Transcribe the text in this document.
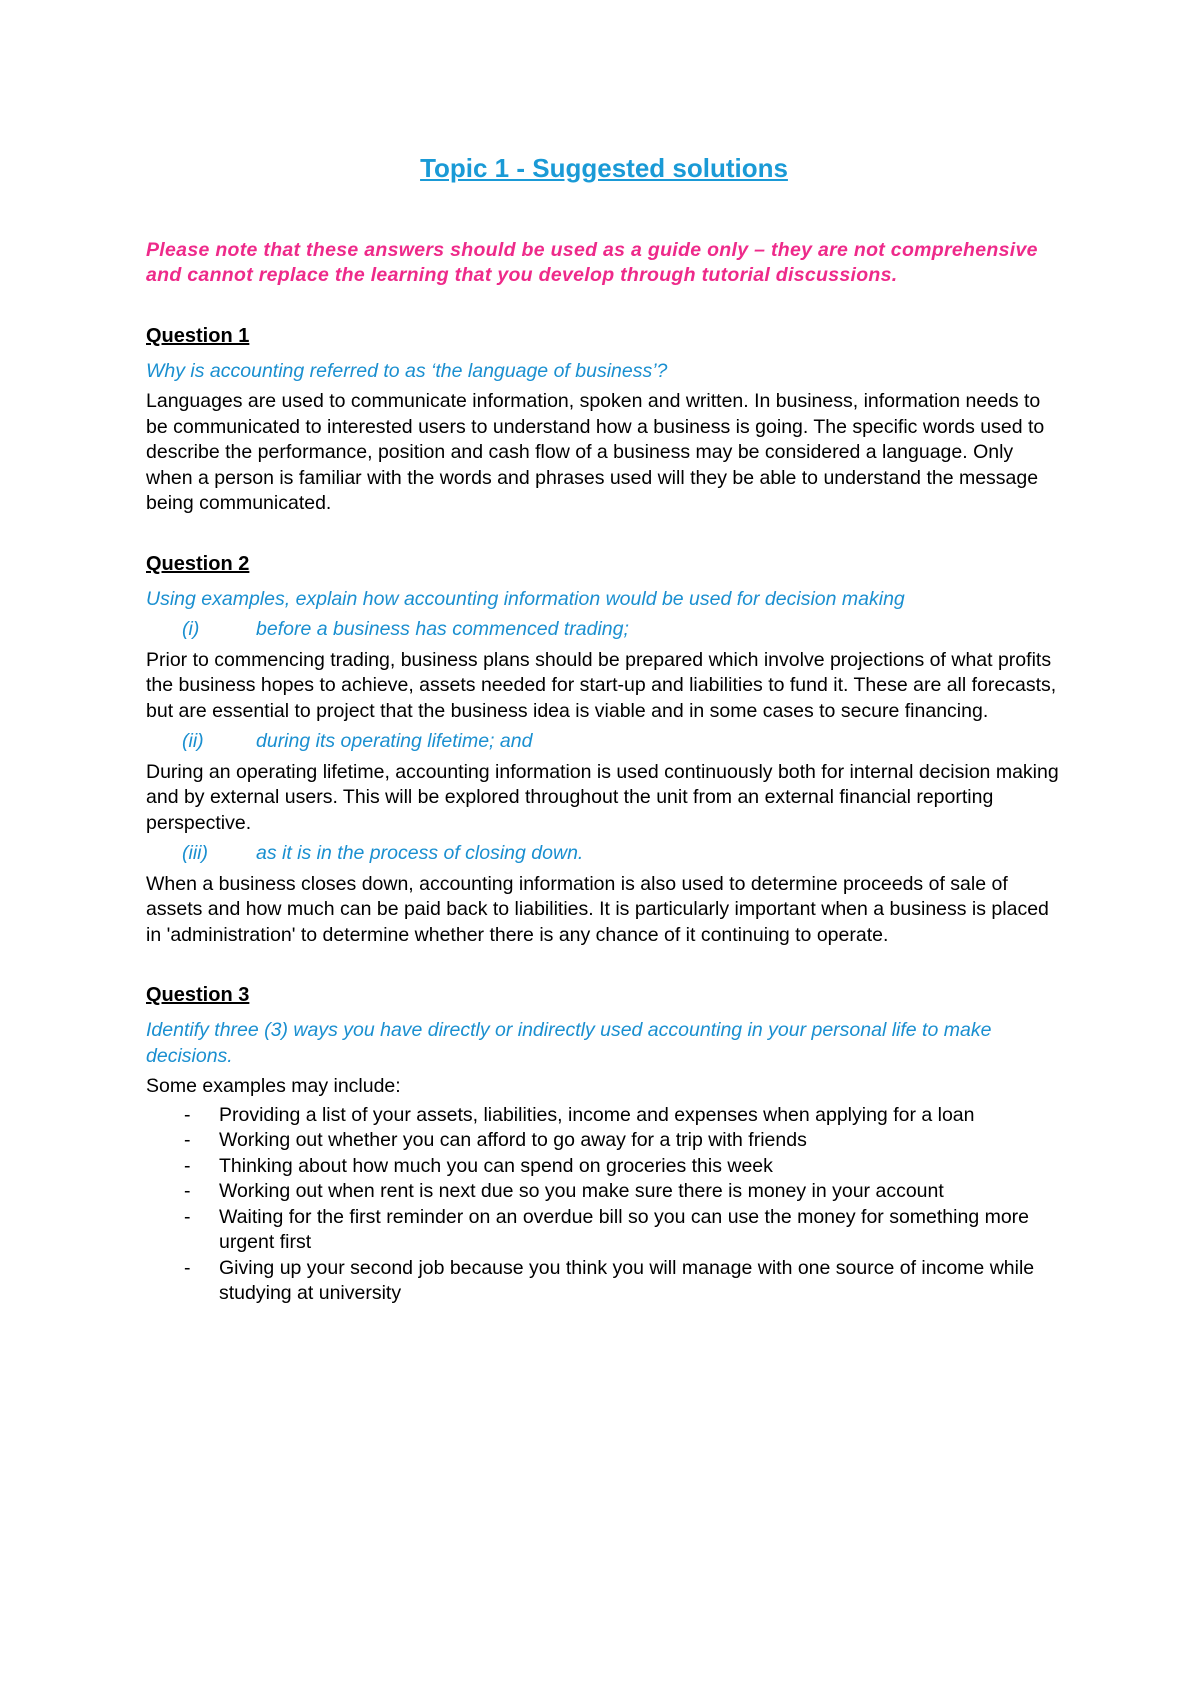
Topic 1 - Suggested solutions

Please note that these answers should be used as a guide only – they are not comprehensive and cannot replace the learning that you develop through tutorial discussions.

Question 1
Why is accounting referred to as ‘the language of business’?

Languages are used to communicate information, spoken and written. In business, information needs to be communicated to interested users to understand how a business is going. The specific words used to describe the performance, position and cash flow of a business may be considered a language. Only when a person is familiar with the words and phrases used will they be able to understand the message being communicated.

Question 2
Using examples, explain how accounting information would be used for decision making
(i)	before a business has commenced trading;

Prior to commencing trading, business plans should be prepared which involve projections of what profits the business hopes to achieve, assets needed for start-up and liabilities to fund it. These are all forecasts, but are essential to project that the business idea is viable and in some cases to secure financing.

(ii)	during its operating lifetime; and

During an operating lifetime, accounting information is used continuously both for internal decision making and by external users. This will be explored throughout the unit from an external financial reporting perspective.

(iii)	as it is in the process of closing down.

When a business closes down, accounting information is also used to determine proceeds of sale of assets and how much can be paid back to liabilities. It is particularly important when a business is placed in 'administration' to determine whether there is any chance of it continuing to operate.

Question 3
Identify three (3) ways you have directly or indirectly used accounting in your personal life to make decisions.

Some examples may include:

-	Providing a list of your assets, liabilities, income and expenses when applying for a loan
-	Working out whether you can afford to go away for a trip with friends
-	Thinking about how much you can spend on groceries this week
-	Working out when rent is next due so you make sure there is money in your account
-	Waiting for the first reminder on an overdue bill so you can use the money for something more urgent first
-	Giving up your second job because you think you will manage with one source of income while studying at university
